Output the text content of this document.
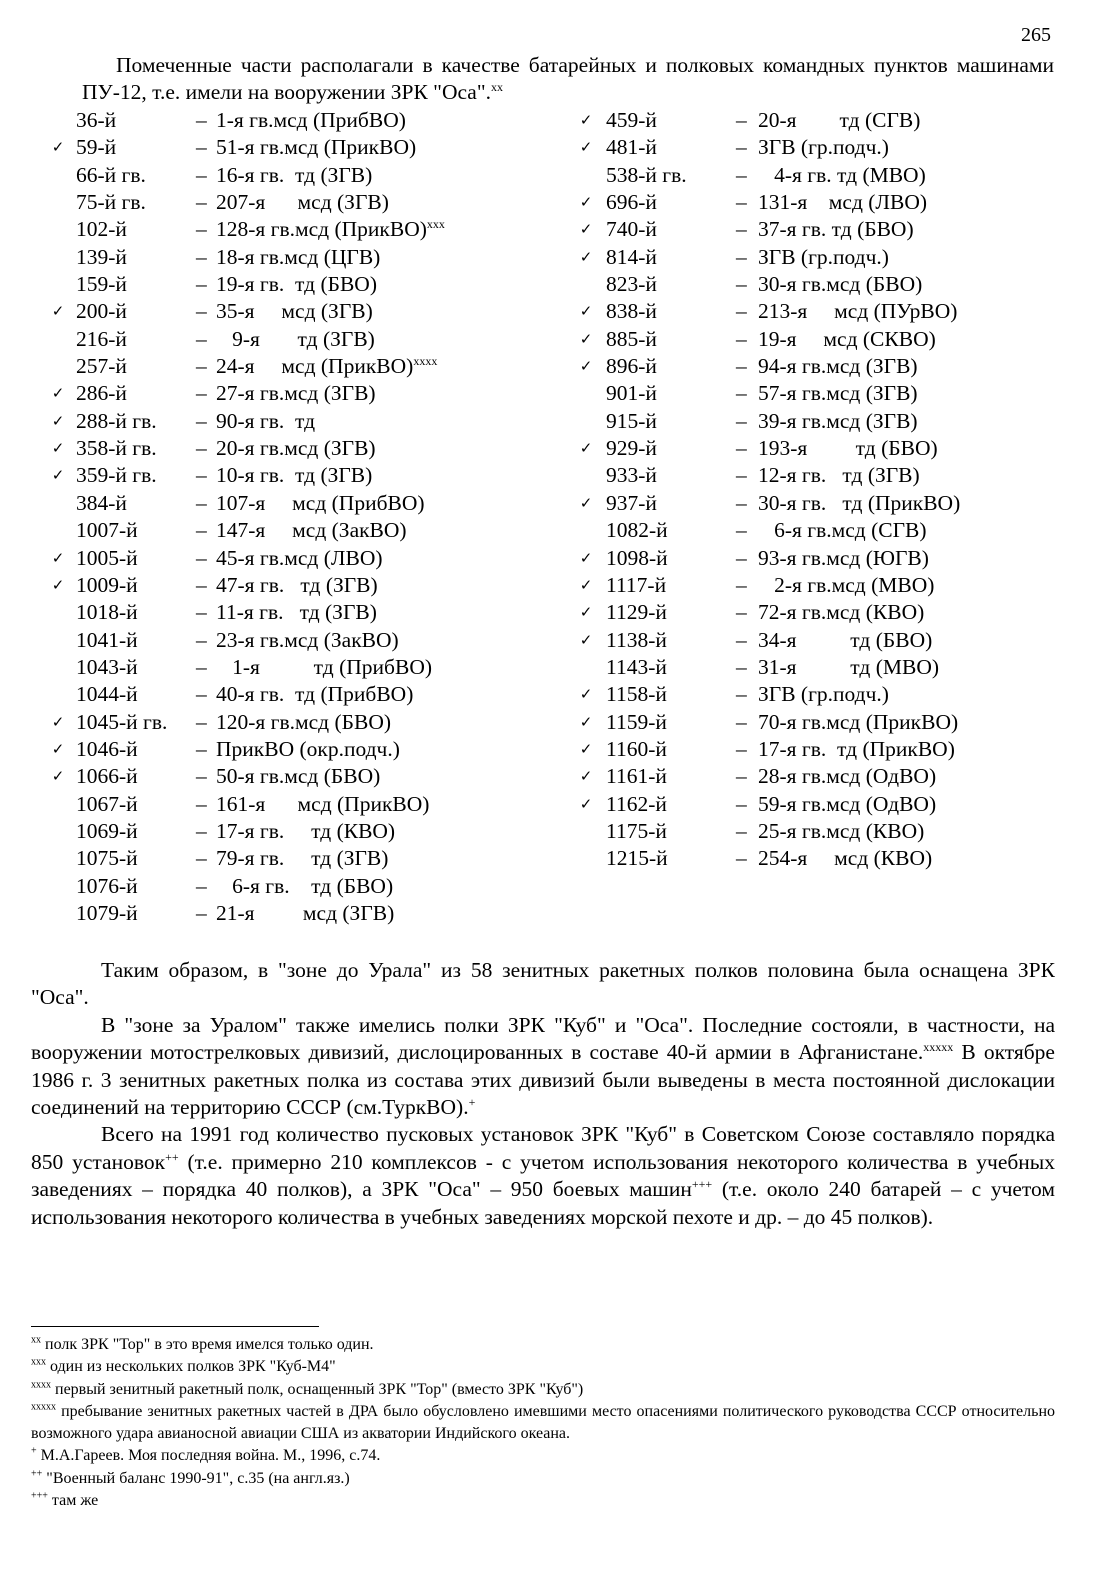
265
Помеченные части располагали в качестве батарейных и полковых командных пунктов машинами ПУ-12, т.е. имели на вооружении ЗРК "Оса".$^{xx}$
36-й	– 1-я гв.мсд (ПрибВО)
✓ 59-й	– 51-я гв.мсд (ПрикВО)
66-й гв. – 16-я гв.  тд (ЗГВ)
75-й гв. – 207-я      мсд (ЗГВ)
102-й	– 128-я гв.мсд (ПрикВО)$^{xxx}$
139-й	– 18-я гв.мсд (ЦГВ)
159-й	– 19-я гв.  тд (БВО)
✓ 200-й	– 35-я     мсд (ЗГВ)
216-й	– 9-я       тд (ЗГВ)
257-й	– 24-я     мсд (ПрикВО)$^{xxxx}$
✓ 286-й	– 27-я гв.мсд (ЗГВ)
✓ 288-й гв. – 90-я гв.  тд
✓ 358-й гв. – 20-я гв.мсд (ЗГВ)
✓ 359-й гв. – 10-я гв.  тд (ЗГВ)
384-й	– 107-я     мсд (ПрибВО)
1007-й	– 147-я     мсд (ЗакВО)
✓ 1005-й	– 45-я гв.мсд (ЛВО)
✓ 1009-й	– 47-я гв.   тд (ЗГВ)
1018-й	– 11-я гв.   тд (ЗГВ)
1041-й	– 23-я гв.мсд (ЗакВО)
1043-й	– 1-я          тд (ПрибВО)
1044-й	– 40-я гв.  тд (ПрибВО)
✓ 1045-й гв. – 120-я гв.мсд (БВО)
✓ 1046-й	– ПрикВО (окр.подч.)
✓ 1066-й	– 50-я гв.мсд (БВО)
1067-й	– 161-я      мсд (ПрикВО)
1069-й	– 17-я гв.     тд (КВО)
1075-й	– 79-я гв.     тд (ЗГВ)
1076-й	– 6-я гв.    тд (БВО)
1079-й	– 21-я         мсд (ЗГВ)
✓ 459-й	– 20-я        тд (СГВ)
✓ 481-й	– ЗГВ (гр.подч.)
538-й гв. – 4-я гв. тд (МВО)
✓ 696-й	– 131-я    мсд (ЛВО)
✓ 740-й	– 37-я гв. тд (БВО)
✓ 814-й	– ЗГВ (гр.подч.)
823-й	– 30-я гв.мсд (БВО)
✓ 838-й	– 213-я     мсд (ПУрВО)
✓ 885-й	– 19-я     мсд (СКВО)
✓ 896-й	– 94-я гв.мсд (ЗГВ)
901-й	– 57-я гв.мсд (ЗГВ)
915-й	– 39-я гв.мсд (ЗГВ)
✓ 929-й	– 193-я         тд (БВО)
933-й	– 12-я гв.   тд (ЗГВ)
✓ 937-й	– 30-я гв.   тд (ПрикВО)
1082-й	– 6-я гв.мсд (СГВ)
✓ 1098-й	– 93-я гв.мсд (ЮГВ)
✓ 1117-й	– 2-я гв.мсд (МВО)
✓ 1129-й	– 72-я гв.мсд (КВО)
✓ 1138-й	– 34-я          тд (БВО)
1143-й	– 31-я          тд (МВО)
✓ 1158-й	– ЗГВ (гр.подч.)
✓ 1159-й	– 70-я гв.мсд (ПрикВО)
✓ 1160-й	– 17-я гв.  тд (ПрикВО)
✓ 1161-й	– 28-я гв.мсд (ОдВО)
✓ 1162-й	– 59-я гв.мсд (ОдВО)
1175-й	– 25-я гв.мсд (КВО)
1215-й	– 254-я     мсд (КВО)

Таким образом, в "зоне до Урала" из 58 зенитных ракетных полков половина была оснащена ЗРК "Оса".

В "зоне за Уралом" также имелись полки ЗРК "Куб" и "Оса". Последние состояли, в частности, на вооружении мотострелковых дивизий, дислоцированных в составе 40-й армии в Афганистане.$^{xxxxx}$ В октябре 1986 г. 3 зенитных ракетных полка из состава этих дивизий были выведены в места постоянной дислокации соединений на территорию СССР (см.ТуркВО).+

Всего на 1991 год количество пусковых установок ЗРК "Куб" в Советском Союзе составляло порядка 850 установок++ (т.е. примерно 210 комплексов - с учетом использования некоторого количества в учебных заведениях – порядка 40 полков), а ЗРК "Оса" – 950 боевых машин+++ (т.е. около 240 батарей – с учетом использования некоторого количества в учебных заведениях морской пехоте и др. – до 45 полков).

$^{xx}$ полк ЗРК "Тор" в это время имелся только один.

$^{xxx}$ один из нескольких полков ЗРК "Куб-М4"

$^{xxxx}$ первый зенитный ракетный полк, оснащенный ЗРК "Тор" (вместо ЗРК "Куб")

$^{xxxxx}$ пребывание зенитных ракетных частей в ДРА было обусловлено имевшими место опасениями политического руководства СССР относительно возможного удара авианосной авиации США из акватории Индийского океана.

+ М.А.Гареев. Моя последняя война. М., 1996, с.74.

++ "Военный баланс 1990-91", с.35 (на англ.яз.)

+++ там же
